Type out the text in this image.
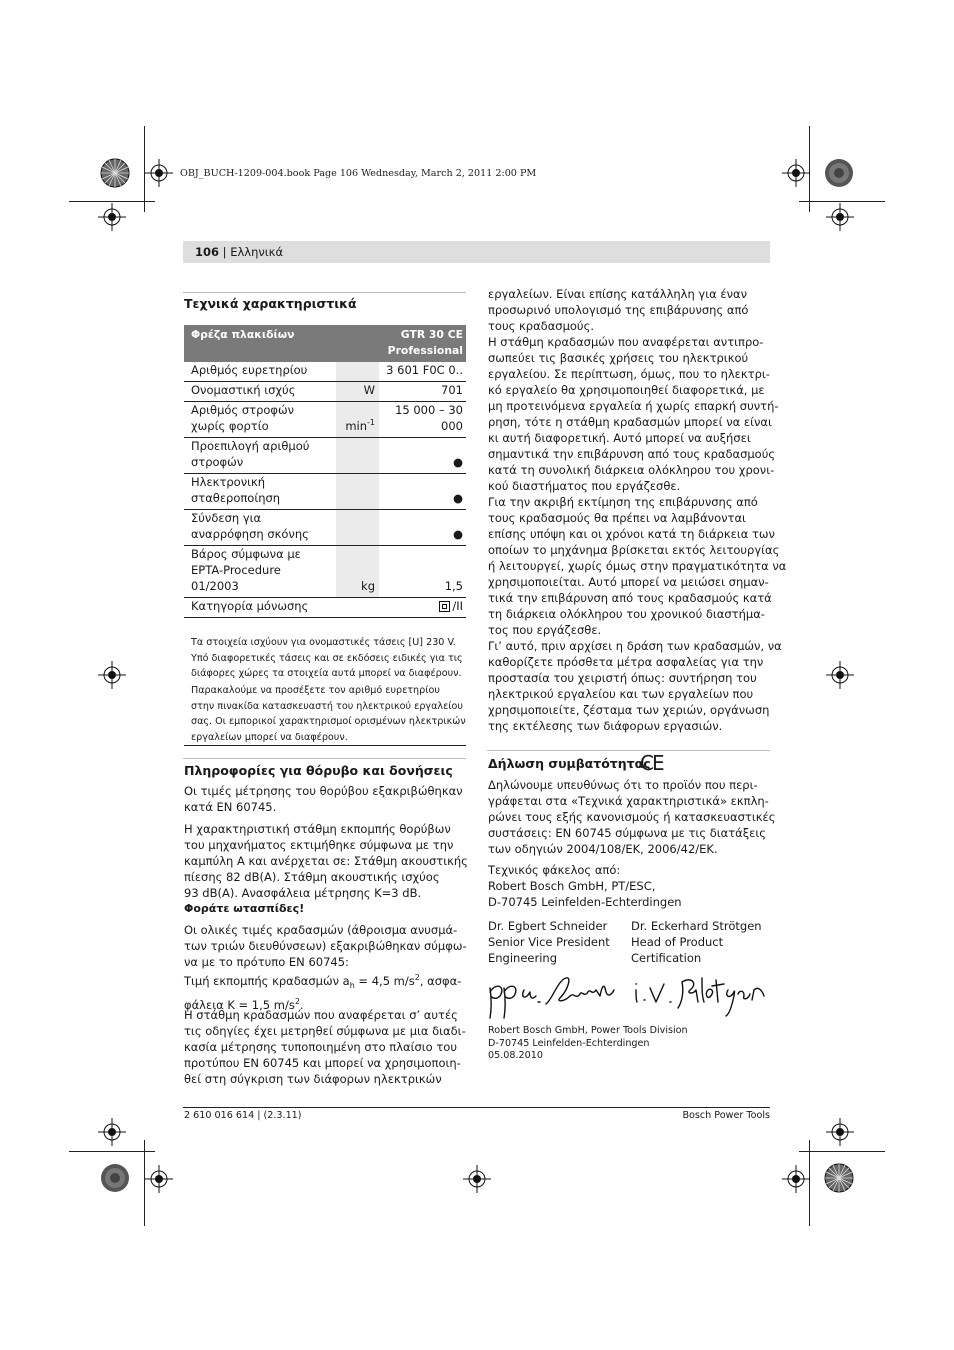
OBJ_BUCH-1209-004.book Page 106 Wednesday, March 2, 2011 2:00 PM
106 | Ελληνικά
Τεχνικά χαρακτηριστικά
Φρέζα πλακιδίων		GTR 30 CE
Professional
Αριθμός ευρετηρίου		3 601 F0C 0..
Ονομαστική ισχύς	W	701
Αριθμός στροφών
χωρίς φορτίο	$\min^{-1}$	15 000 – 30 000
Προεπιλογή αριθμού
στροφών		●
Ηλεκτρονική
σταθεροποίηση		●
Σύνδεση για
αναρρόφηση σκόνης		●
Βάρος σύμφωνα με
EPTA-Procedure
01/2003	kg	1,5
Κατηγορία μόνωσης		/II
Τα στοιχεία ισχύουν για ονομαστικές τάσεις [U] 230 V.
Υπό διαφορετικές τάσεις και σε εκδόσεις ειδικές για τις
διάφορες χώρες τα στοιχεία αυτά μπορεί να διαφέρουν.
Παρακαλούμε να προσέξετε τον αριθμό ευρετηρίου
στην πινακίδα κατασκευαστή του ηλεκτρικού εργαλείου
σας. Οι εμπορικοί χαρακτηρισμοί ορισμένων ηλεκτρικών
εργαλείων μπορεί να διαφέρουν.
Πληροφορίες για θόρυβο και δονήσεις
Οι τιμές μέτρησης του θορύβου εξακριβώθηκαν
κατά EN 60745.
Η χαρακτηριστική στάθμη εκπομπής θορύβων
του μηχανήματος εκτιμήθηκε σύμφωνα με την
καμπύλη A και ανέρχεται σε: Στάθμη ακουστικής
πίεσης 82 dB(A). Στάθμη ακουστικής ισχύος
93 dB(A). Ανασφάλεια μέτρησης K=3 dB.
Φοράτε ωτασπίδες!
Οι ολικές τιμές κραδασμών (άθροισμα ανυσμά-
των τριών διευθύνσεων) εξακριβώθηκαν σύμφω-
να με το πρότυπο EN 60745:
Τιμή εκπομπής κραδασμών $a_h = 4,5$ $m/s^2$, ασφα-
φάλεια K = 1,5 $m/s^2$.
Η στάθμη κραδασμών που αναφέρεται σ’ αυτές
τις οδηγίες έχει μετρηθεί σύμφωνα με μια διαδι-
κασία μέτρησης τυποποιημένη στο πλαίσιο του
προτύπου EN 60745 και μπορεί να χρησιμοποιη-
θεί στη σύγκριση των διάφορων ηλεκτρικών
εργαλείων. Είναι επίσης κατάλληλη για έναν
προσωρινό υπολογισμό της επιβάρυνσης από
τους κραδασμούς.
Η στάθμη κραδασμών που αναφέρεται αντιπρο-
σωπεύει τις βασικές χρήσεις του ηλεκτρικού
εργαλείου. Σε περίπτωση, όμως, που το ηλεκτρι-
κό εργαλείο θα χρησιμοποιηθεί διαφορετικά, με
μη προτεινόμενα εργαλεία ή χωρίς επαρκή συντή-
ρηση, τότε η στάθμη κραδασμών μπορεί να είναι
κι αυτή διαφορετική. Αυτό μπορεί να αυξήσει
σημαντικά την επιβάρυνση από τους κραδασμούς
κατά τη συνολική διάρκεια ολόκληρου του χρονι-
κού διαστήματος που εργάζεσθε.
Για την ακριβή εκτίμηση της επιβάρυνσης από
τους κραδασμούς θα πρέπει να λαμβάνονται
επίσης υπόψη και οι χρόνοι κατά τη διάρκεια των
οποίων το μηχάνημα βρίσκεται εκτός λειτουργίας
ή λειτουργεί, χωρίς όμως στην πραγματικότητα να
χρησιμοποιείται. Αυτό μπορεί να μειώσει σημαν-
τικά την επιβάρυνση από τους κραδασμούς κατά
τη διάρκεια ολόκληρου του χρονικού διαστήμα-
τος που εργάζεσθε.
Γι’ αυτό, πριν αρχίσει η δράση των κραδασμών, να
καθορίζετε πρόσθετα μέτρα ασφαλείας για την
προστασία του χειριστή όπως: συντήρηση του
ηλεκτρικού εργαλείου και των εργαλείων που
χρησιμοποιείτε, ζέσταμα των χεριών, οργάνωση
της εκτέλεσης των διάφορων εργασιών.
Δήλωση συμβατότητας
CE
Δηλώνουμε υπευθύνως ότι το προϊόν που περι-
γράφεται στα «Τεχνικά χαρακτηριστικά» εκπλη-
ρώνει τους εξής κανονισμούς ή κατασκευαστικές
συστάσεις: EN 60745 σύμφωνα με τις διατάξεις
των οδηγιών 2004/108/ΕΚ, 2006/42/ΕΚ.
Τεχνικός φάκελος από:
Robert Bosch GmbH, PT/ESC,
D-70745 Leinfelden-Echterdingen
Dr. Egbert Schneider
Senior Vice President
Engineering
Dr. Eckerhard Strötgen
Head of Product
Certification
ppa. Schneider i.V. Strötgen
Robert Bosch GmbH, Power Tools Division
D-70745 Leinfelden-Echterdingen
05.08.2010
2 610 016 614 | (2.3.11)	Bosch Power Tools
